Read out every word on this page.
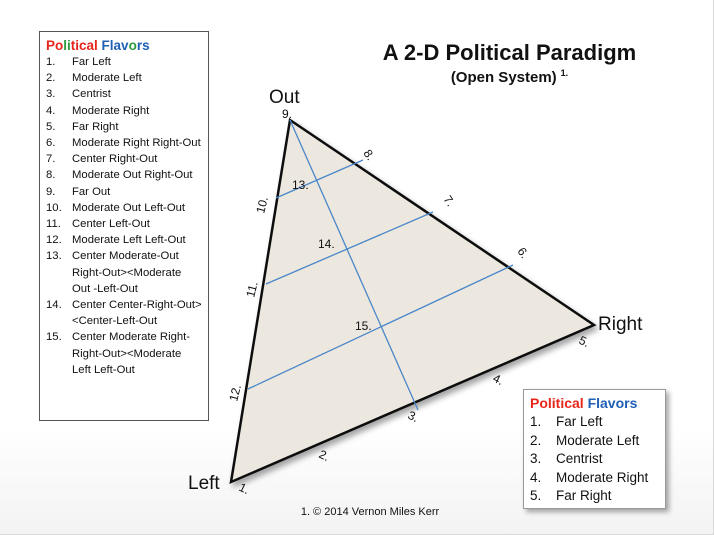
Out
Right
Left
9.
8.
7.
6.
5.
4.
3.
2.
1.
10.
11.
12.
13.
14.
15.
A 2-D Political Paradigm
(Open System) $^{1.}$
Political Flavors
1.	Far Left
2.	Moderate Left
3.	Centrist
4.	Moderate Right
5.	Far Right
6.	Moderate Right Right-Out
7.	Center Right-Out
8.	Moderate Out Right-Out
9.	Far Out
10. Moderate Out Left-Out
11. Center Left-Out
12. Moderate Left Left-Out
13. Center Moderate-Out Right-Out><Moderate Out -Left-Out
14. Center Center-Right-Out><Center-Left-Out
15. Center Moderate Right-Right-Out><Moderate Left Left-Out
Political Flavors
1.	Far Left
2.	Moderate Left
3.	Centrist
4.	Moderate Right
5.	Far Right
1. © 2014 Vernon Miles Kerr
